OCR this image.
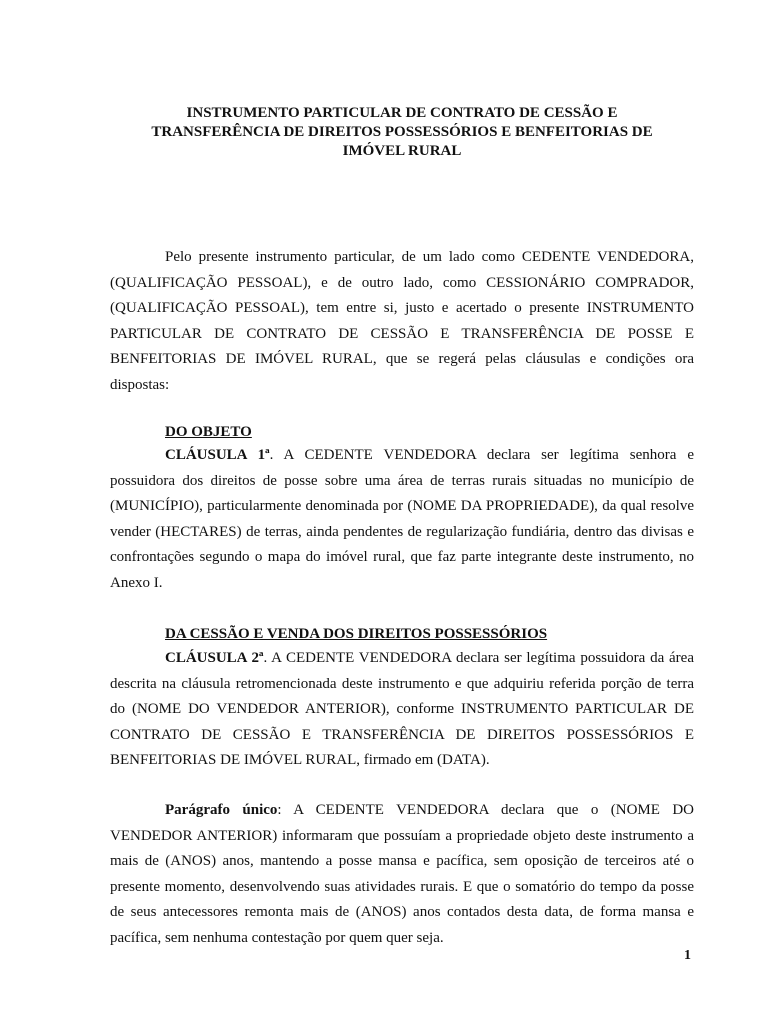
INSTRUMENTO PARTICULAR DE CONTRATO DE CESSÃO E
TRANSFERÊNCIA DE DIREITOS POSSESSÓRIOS E BENFEITORIAS DE
IMÓVEL RURAL
Pelo presente instrumento particular, de um lado como CEDENTE VENDEDORA, (QUALIFICAÇÃO PESSOAL), e de outro lado, como CESSIONÁRIO COMPRADOR, (QUALIFICAÇÃO PESSOAL), tem entre si, justo e acertado o presente INSTRUMENTO PARTICULAR DE CONTRATO DE CESSÃO E TRANSFERÊNCIA DE POSSE E BENFEITORIAS DE IMÓVEL RURAL, que se regerá pelas cláusulas e condições ora dispostas:
DO OBJETO
CLÁUSULA 1ª. A CEDENTE VENDEDORA declara ser legítima senhora e possuidora dos direitos de posse sobre uma área de terras rurais situadas no município de (MUNICÍPIO), particularmente denominada por (NOME DA PROPRIEDADE), da qual resolve vender (HECTARES) de terras, ainda pendentes de regularização fundiária, dentro das divisas e confrontações segundo o mapa do imóvel rural, que faz parte integrante deste instrumento, no Anexo I.
DA CESSÃO E VENDA DOS DIREITOS POSSESSÓRIOS
CLÁUSULA 2ª. A CEDENTE VENDEDORA declara ser legítima possuidora da área descrita na cláusula retromencionada deste instrumento e que adquiriu referida porção de terra do (NOME DO VENDEDOR ANTERIOR), conforme INSTRUMENTO PARTICULAR DE CONTRATO DE CESSÃO E TRANSFERÊNCIA DE DIREITOS POSSESSÓRIOS E BENFEITORIAS DE IMÓVEL RURAL, firmado em (DATA).
Parágrafo único: A CEDENTE VENDEDORA declara que o (NOME DO VENDEDOR ANTERIOR) informaram que possuíam a propriedade objeto deste instrumento a mais de (ANOS) anos, mantendo a posse mansa e pacífica, sem oposição de terceiros até o presente momento, desenvolvendo suas atividades rurais. E que o somatório do tempo da posse de seus antecessores remonta mais de (ANOS) anos contados desta data, de forma mansa e pacífica, sem nenhuma contestação por quem quer seja.
1
